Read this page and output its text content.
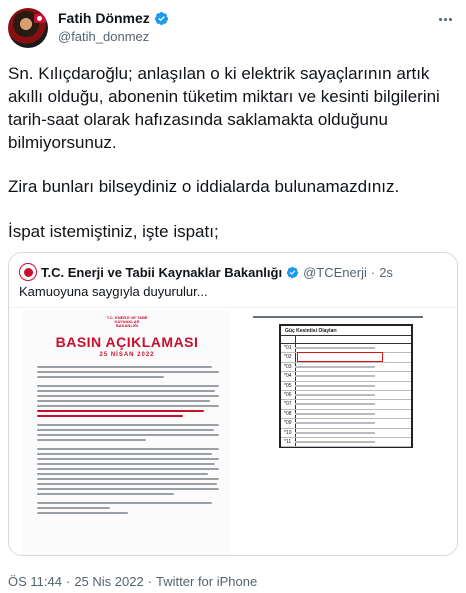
Fatih Dönmez
@fatih_donmez
Sn. Kılıçdaroğlu; anlaşılan o ki elektrik sayaçlarının artık akıllı olduğu, abonenin tüketim miktarı ve kesinti bilgilerini tarih-saat olarak hafızasında saklamakta olduğunu bilmiyorsunuz.
Zira bunları bilseydiniz o iddialarda bulunamazdınız.
İspat istemiştiniz, işte ispatı;
T.C. Enerji ve Tabii Kaynaklar Bakanlığı @TCEnerji · 2s
Kamuoyuna saygıyla duyurulur...
T.C. ENERJİ VE TABİİ KAYNAKLAR BAKANLIĞI
BASIN AÇIKLAMASI
25 NİSAN 2022
Güç Kesintisi Olayları
*01
*02
*03
*04
*05
*06
*07
*08
*09
*10
*11
ÖS 11:44 · 25 Nis 2022 · Twitter for iPhone
